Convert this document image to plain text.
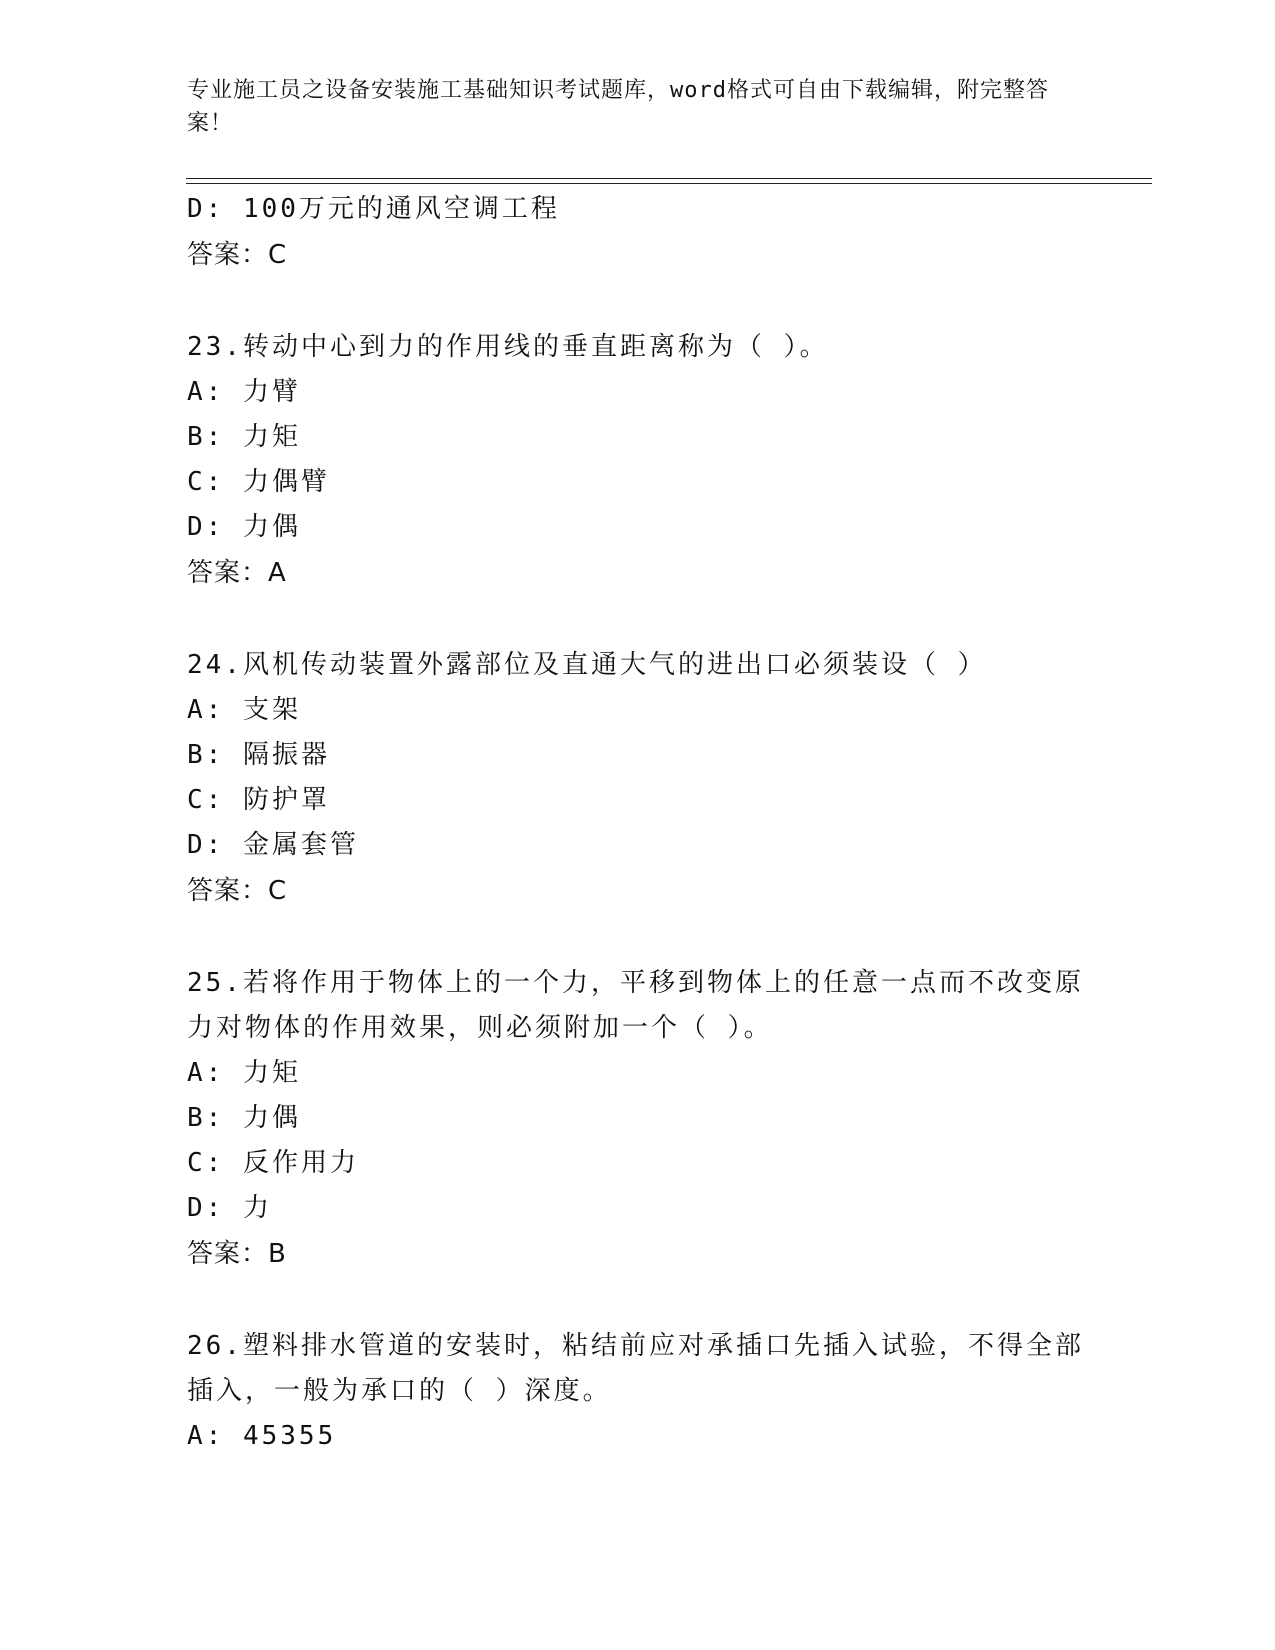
专业施工员之设备安装施工基础知识考试题库，word格式可自由下载编辑，附完整答案！
D: 100万元的通风空调工程
答案：C
23.转动中心到力的作用线的垂直距离称为（ ）。
A: 力臂
B: 力矩
C: 力偶臂
D: 力偶
答案：A
24.风机传动装置外露部位及直通大气的进出口必须装设（ ）
A: 支架
B: 隔振器
C: 防护罩
D: 金属套管
答案：C
25.若将作用于物体上的一个力，平移到物体上的任意一点而不改变原
力对物体的作用效果，则必须附加一个（ ）。
A: 力矩
B: 力偶
C: 反作用力
D: 力
答案：B
26.塑料排水管道的安装时，粘结前应对承插口先插入试验，不得全部
插入，一般为承口的（ ）深度。
A: 45355
